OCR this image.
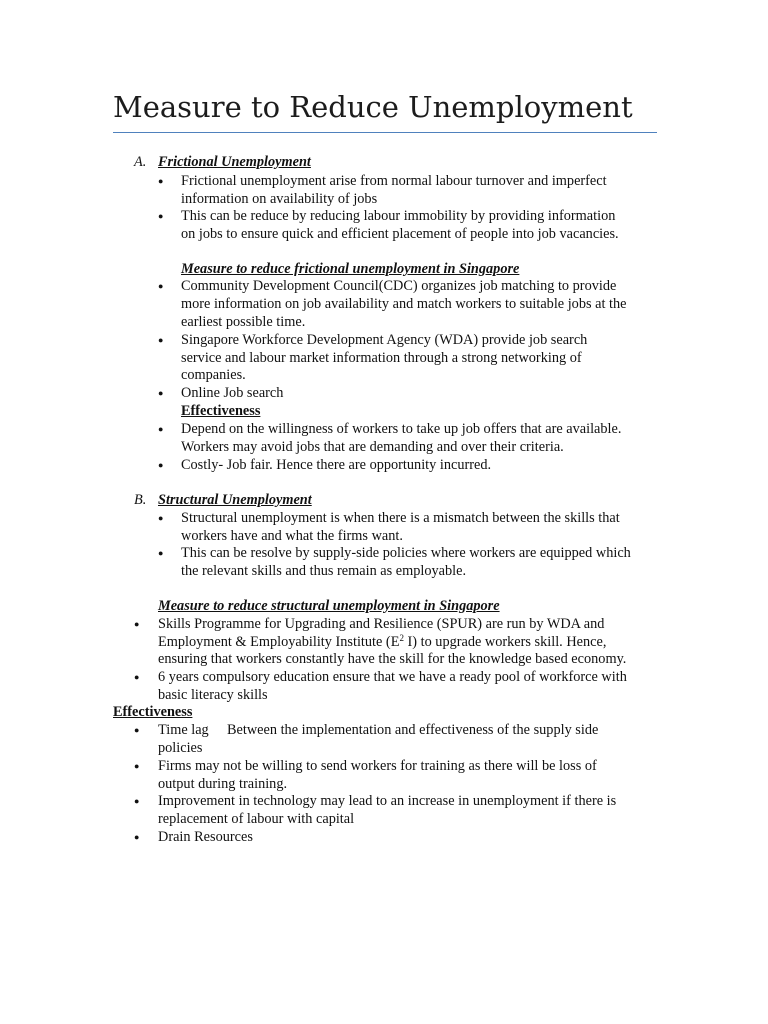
Measure to Reduce Unemployment
A. Frictional Unemployment
● Frictional unemployment arise from normal labour turnover and imperfect
information on availability of jobs
● This can be reduce by reducing labour immobility by providing information
on jobs to ensure quick and efficient placement of people into job vacancies.
Measure to reduce frictional unemployment in Singapore
● Community Development Council(CDC) organizes job matching to provide
more information on job availability and match workers to suitable jobs at the
earliest possible time.
● Singapore Workforce Development Agency (WDA) provide job search
service and labour market information through a strong networking of
companies.
● Online Job search
Effectiveness
● Depend on the willingness of workers to take up job offers that are available.
Workers may avoid jobs that are demanding and over their criteria.
● Costly- Job fair. Hence there are opportunity incurred.
B. Structural Unemployment
● Structural unemployment is when there is a mismatch between the skills that
workers have and what the firms want.
● This can be resolve by supply-side policies where workers are equipped which
the relevant skills and thus remain as employable.
Measure to reduce structural unemployment in Singapore
● Skills Programme for Upgrading and Resilience (SPUR) are run by WDA and
Employment & Employability Institute ($E^2$ I) to upgrade workers skill. Hence,
ensuring that workers constantly have the skill for the knowledge based economy.
● 6 years compulsory education ensure that we have a ready pool of workforce with
basic literacy skills
Effectiveness
● Time lag Between the implementation and effectiveness of the supply side
policies
● Firms may not be willing to send workers for training as there will be loss of
output during training.
● Improvement in technology may lead to an increase in unemployment if there is
replacement of labour with capital
● Drain Resources
